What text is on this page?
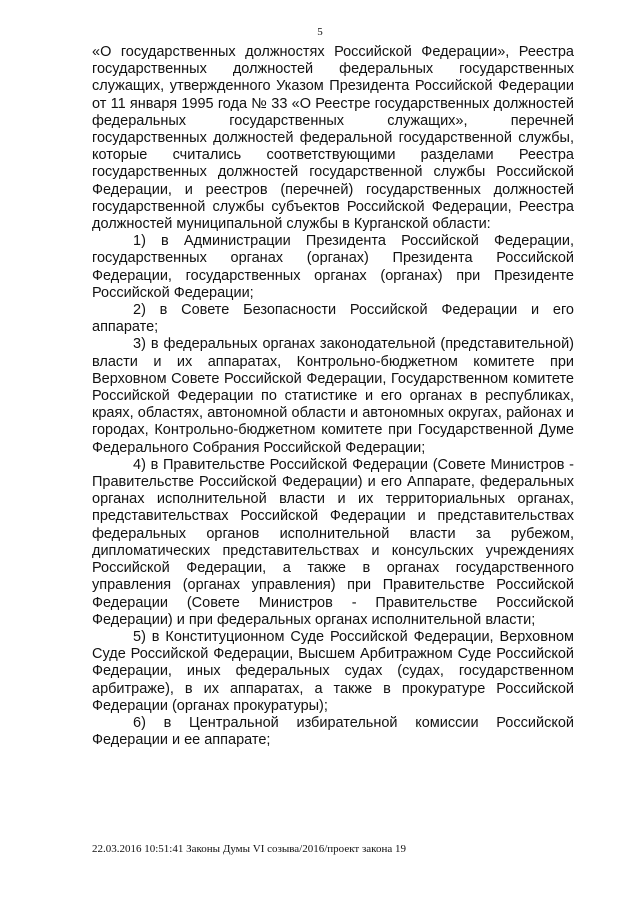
5

«О государственных должностях Российской Федерации», Реестра государственных должностей федеральных государственных служащих, утвержденного Указом Президента Российской Федерации от 11 января 1995 года № 33 «О Реестре государственных должностей федеральных государственных служащих», перечней государственных должностей федеральной государственной службы, которые считались соответствующими разделами Реестра государственных должностей государственной службы Российской Федерации, и реестров (перечней) государственных должностей государственной службы субъектов Российской Федерации, Реестра должностей муниципальной службы в Курганской области:

1) в Администрации Президента Российской Федерации, государственных органах (органах) Президента Российской Федерации, государственных органах (органах) при Президенте Российской Федерации;

2) в Совете Безопасности Российской Федерации и его аппарате;

3) в федеральных органах законодательной (представительной) власти и их аппаратах, Контрольно-бюджетном комитете при Верховном Совете Российской Федерации, Государственном комитете Российской Федерации по статистике и его органах в республиках, краях, областях, автономной области и автономных округах, районах и городах, Контрольно-бюджетном комитете при Государственной Думе Федерального Собрания Российской Федерации;

4) в Правительстве Российской Федерации (Совете Министров - Правительстве Российской Федерации) и его Аппарате, федеральных органах исполнительной власти и их территориальных органах, представительствах Российской Федерации и представительствах федеральных органов исполнительной власти за рубежом, дипломатических представительствах и консульских учреждениях Российской Федерации, а также в органах государственного управления (органах управления) при Правительстве Российской Федерации (Совете Министров - Правительстве Российской Федерации) и при федеральных органах исполнительной власти;

5) в Конституционном Суде Российской Федерации, Верховном Суде Российской Федерации, Высшем Арбитражном Суде Российской Федерации, иных федеральных судах (судах, государственном арбитраже), в их аппаратах, а также в прокуратуре Российской Федерации (органах прокуратуры);

6) в Центральной избирательной комиссии Российской Федерации и ее аппарате;

22.03.2016 10:51:41 Законы Думы VI созыва/2016/проект закона 19
